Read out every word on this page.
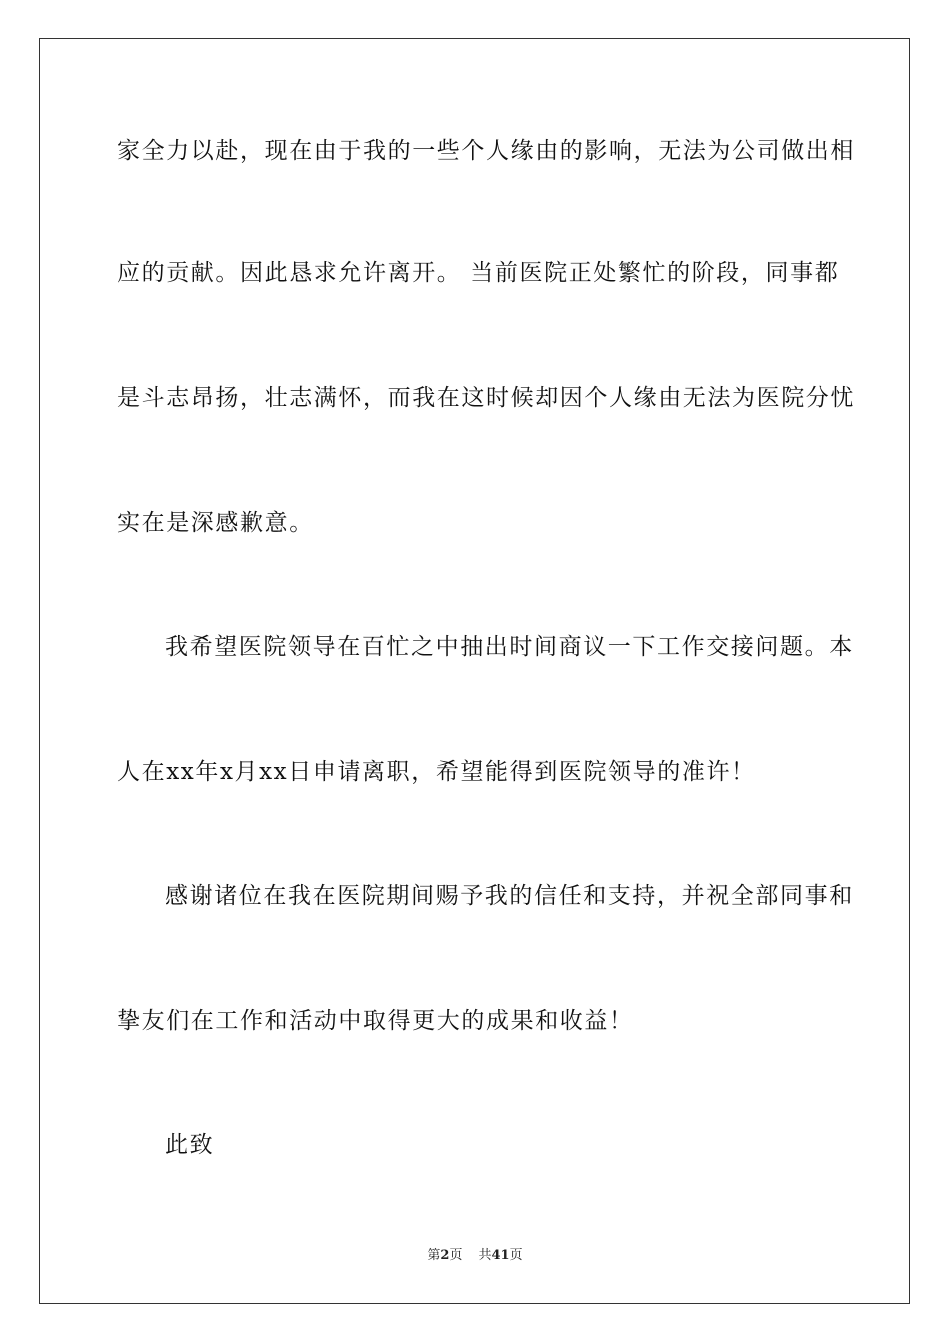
家全力以赴，现在由于我的一些个人缘由的影响，无法为公司做出相
应的贡献。因此恳求允许离开。 当前医院正处繁忙的阶段，同事都
是斗志昂扬，壮志满怀，而我在这时候却因个人缘由无法为医院分忧
实在是深感歉意。
我希望医院领导在百忙之中抽出时间商议一下工作交接问题。本
人在xx年x月xx日申请离职，希望能得到医院领导的准许！
感谢诸位在我在医院期间赐予我的信任和支持，并祝全部同事和
挚友们在工作和活动中取得更大的成果和收益！
此致
第2页 共41页
